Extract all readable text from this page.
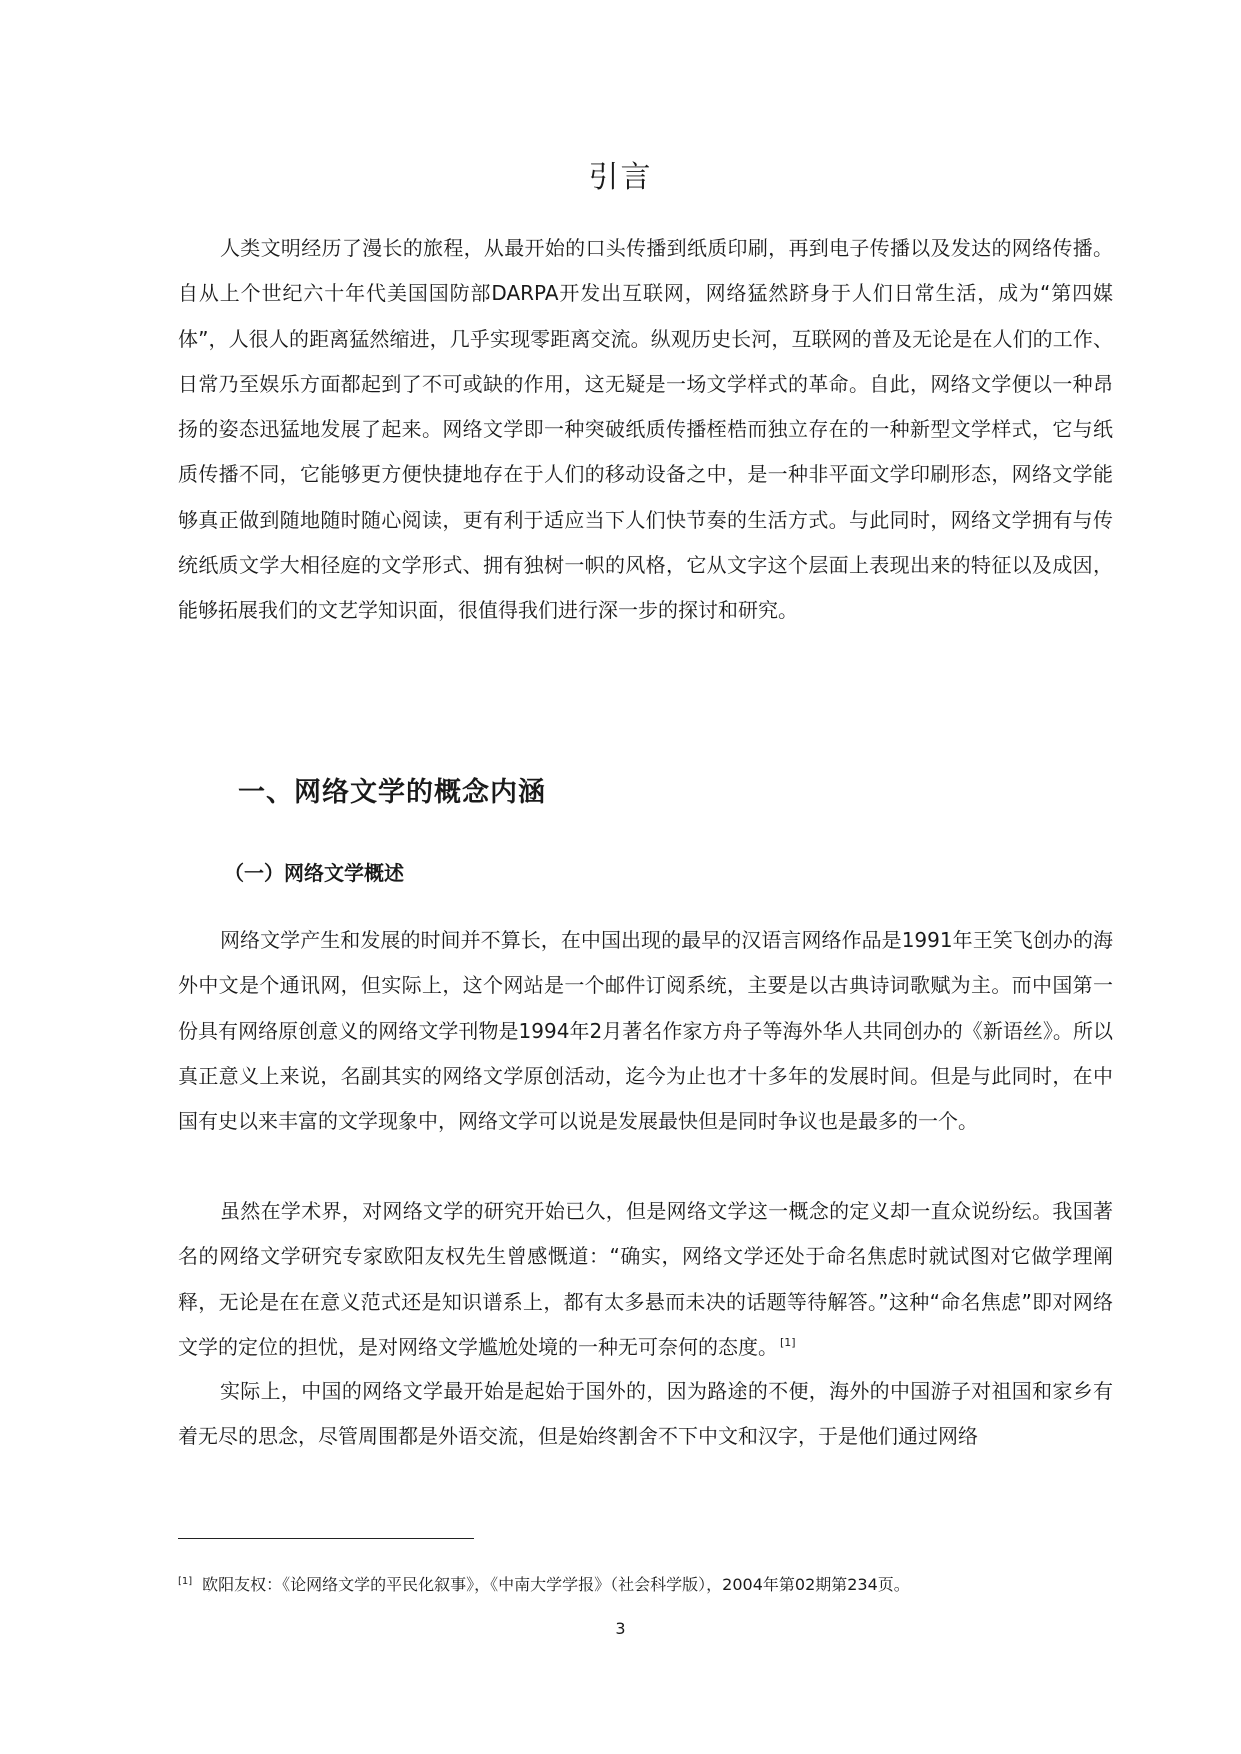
引言

人类文明经历了漫长的旅程，从最开始的口头传播到纸质印刷，再到电子传播以及发达的网络传播。自从上个世纪六十年代美国国防部DARPA开发出互联网，网络猛然跻身于人们日常生活，成为“第四媒体”，人很人的距离猛然缩进，几乎实现零距离交流。纵观历史长河，互联网的普及无论是在人们的工作、日常乃至娱乐方面都起到了不可或缺的作用，这无疑是一场文学样式的革命。自此，网络文学便以一种昂扬的姿态迅猛地发展了起来。网络文学即一种突破纸质传播桎梏而独立存在的一种新型文学样式，它与纸质传播不同，它能够更方便快捷地存在于人们的移动设备之中，是一种非平面文学印刷形态，网络文学能够真正做到随地随时随心阅读，更有利于适应当下人们快节奏的生活方式。与此同时，网络文学拥有与传统纸质文学大相径庭的文学形式、拥有独树一帜的风格，它从文字这个层面上表现出来的特征以及成因，能够拓展我们的文艺学知识面，很值得我们进行深一步的探讨和研究。

一、网络文学的概念内涵
（一）网络文学概述

网络文学产生和发展的时间并不算长，在中国出现的最早的汉语言网络作品是1991年王笑飞创办的海外中文是个通讯网，但实际上，这个网站是一个邮件订阅系统，主要是以古典诗词歌赋为主。而中国第一份具有网络原创意义的网络文学刊物是1994年2月著名作家方舟子等海外华人共同创办的《新语丝》。所以真正意义上来说，名副其实的网络文学原创活动，迄今为止也才十多年的发展时间。但是与此同时，在中国有史以来丰富的文学现象中，网络文学可以说是发展最快但是同时争议也是最多的一个。

虽然在学术界，对网络文学的研究开始已久，但是网络文学这一概念的定义却一直众说纷纭。我国著名的网络文学研究专家欧阳友权先生曾感慨道：“确实，网络文学还处于命名焦虑时就试图对它做学理阐释，无论是在在意义范式还是知识谱系上，都有太多悬而未决的话题等待解答。”这种“命名焦虑”即对网络文学的定位的担忧，是对网络文学尴尬处境的一种无可奈何的态度。 [1]

实际上，中国的网络文学最开始是起始于国外的，因为路途的不便，海外的中国游子对祖国和家乡有着无尽的思念，尽管周围都是外语交流，但是始终割舍不下中文和汉字，于是他们通过网络

[1] 欧阳友权：《论网络文学的平民化叙事》，《中南大学学报》（社会科学版），2004年第02期第234页。
3
